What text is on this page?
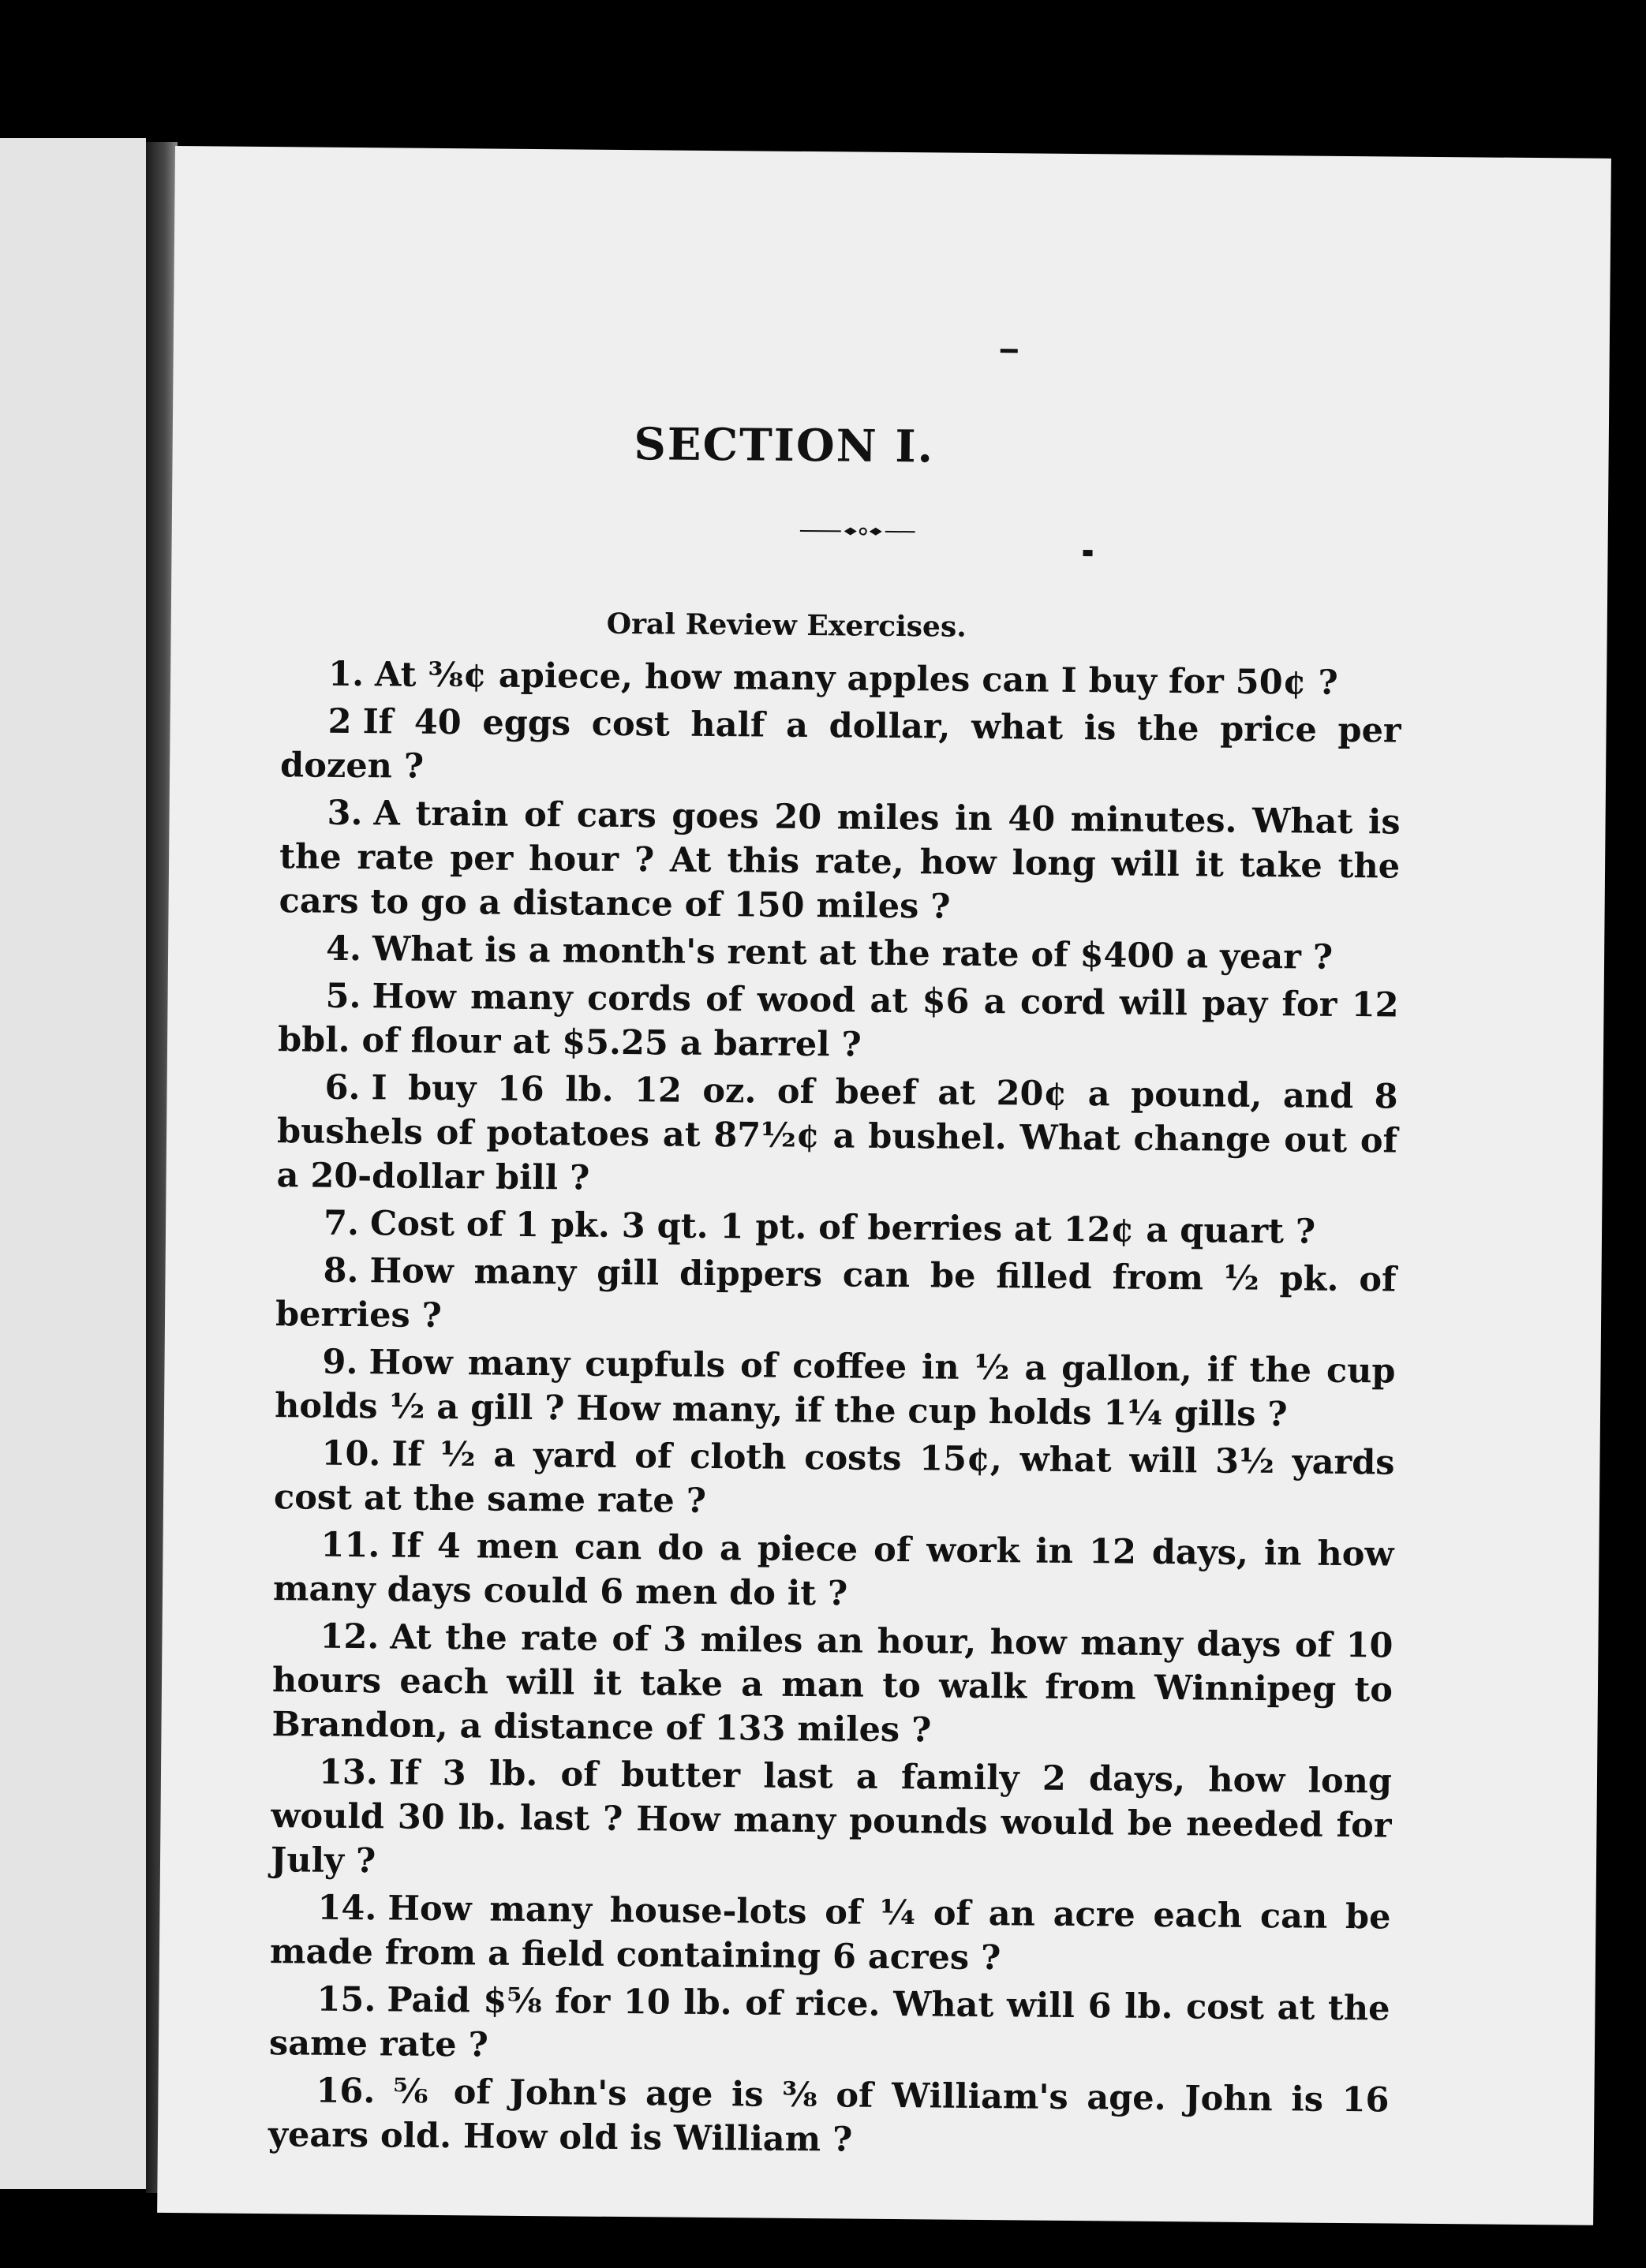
SECTION I.
Oral Review Exercises.
1. At ⅜¢ apiece, how many apples can I buy for 50¢ ?
2 If 40 eggs cost half a dollar, what is the price per dozen ?
3. A train of cars goes 20 miles in 40 minutes. What is the rate per hour ? At this rate, how long will it take the cars to go a distance of 150 miles ?
4. What is a month's rent at the rate of $400 a year ?
5. How many cords of wood at $6 a cord will pay for 12 bbl. of flour at $5.25 a barrel ?
6. I buy 16 lb. 12 oz. of beef at 20¢ a pound, and 8 bushels of potatoes at 87½¢ a bushel. What change out of a 20-dollar bill ?
7. Cost of 1 pk. 3 qt. 1 pt. of berries at 12¢ a quart ?
8. How many gill dippers can be filled from ½ pk. of berries ?
9. How many cupfuls of coffee in ½ a gallon, if the cup holds ½ a gill ? How many, if the cup holds 1¼ gills ?
10. If ½ a yard of cloth costs 15¢, what will 3½ yards cost at the same rate ?
11. If 4 men can do a piece of work in 12 days, in how many days could 6 men do it ?
12. At the rate of 3 miles an hour, how many days of 10 hours each will it take a man to walk from Winnipeg to Brandon, a distance of 133 miles ?
13. If 3 lb. of butter last a family 2 days, how long would 30 lb. last ? How many pounds would be needed for July ?
14. How many house-lots of ¼ of an acre each can be made from a field containing 6 acres ?
15. Paid $⅝ for 10 lb. of rice. What will 6 lb. cost at the same rate ?
16. ⅚ of John's age is ⅜ of William's age. John is 16 years old. How old is William ?
